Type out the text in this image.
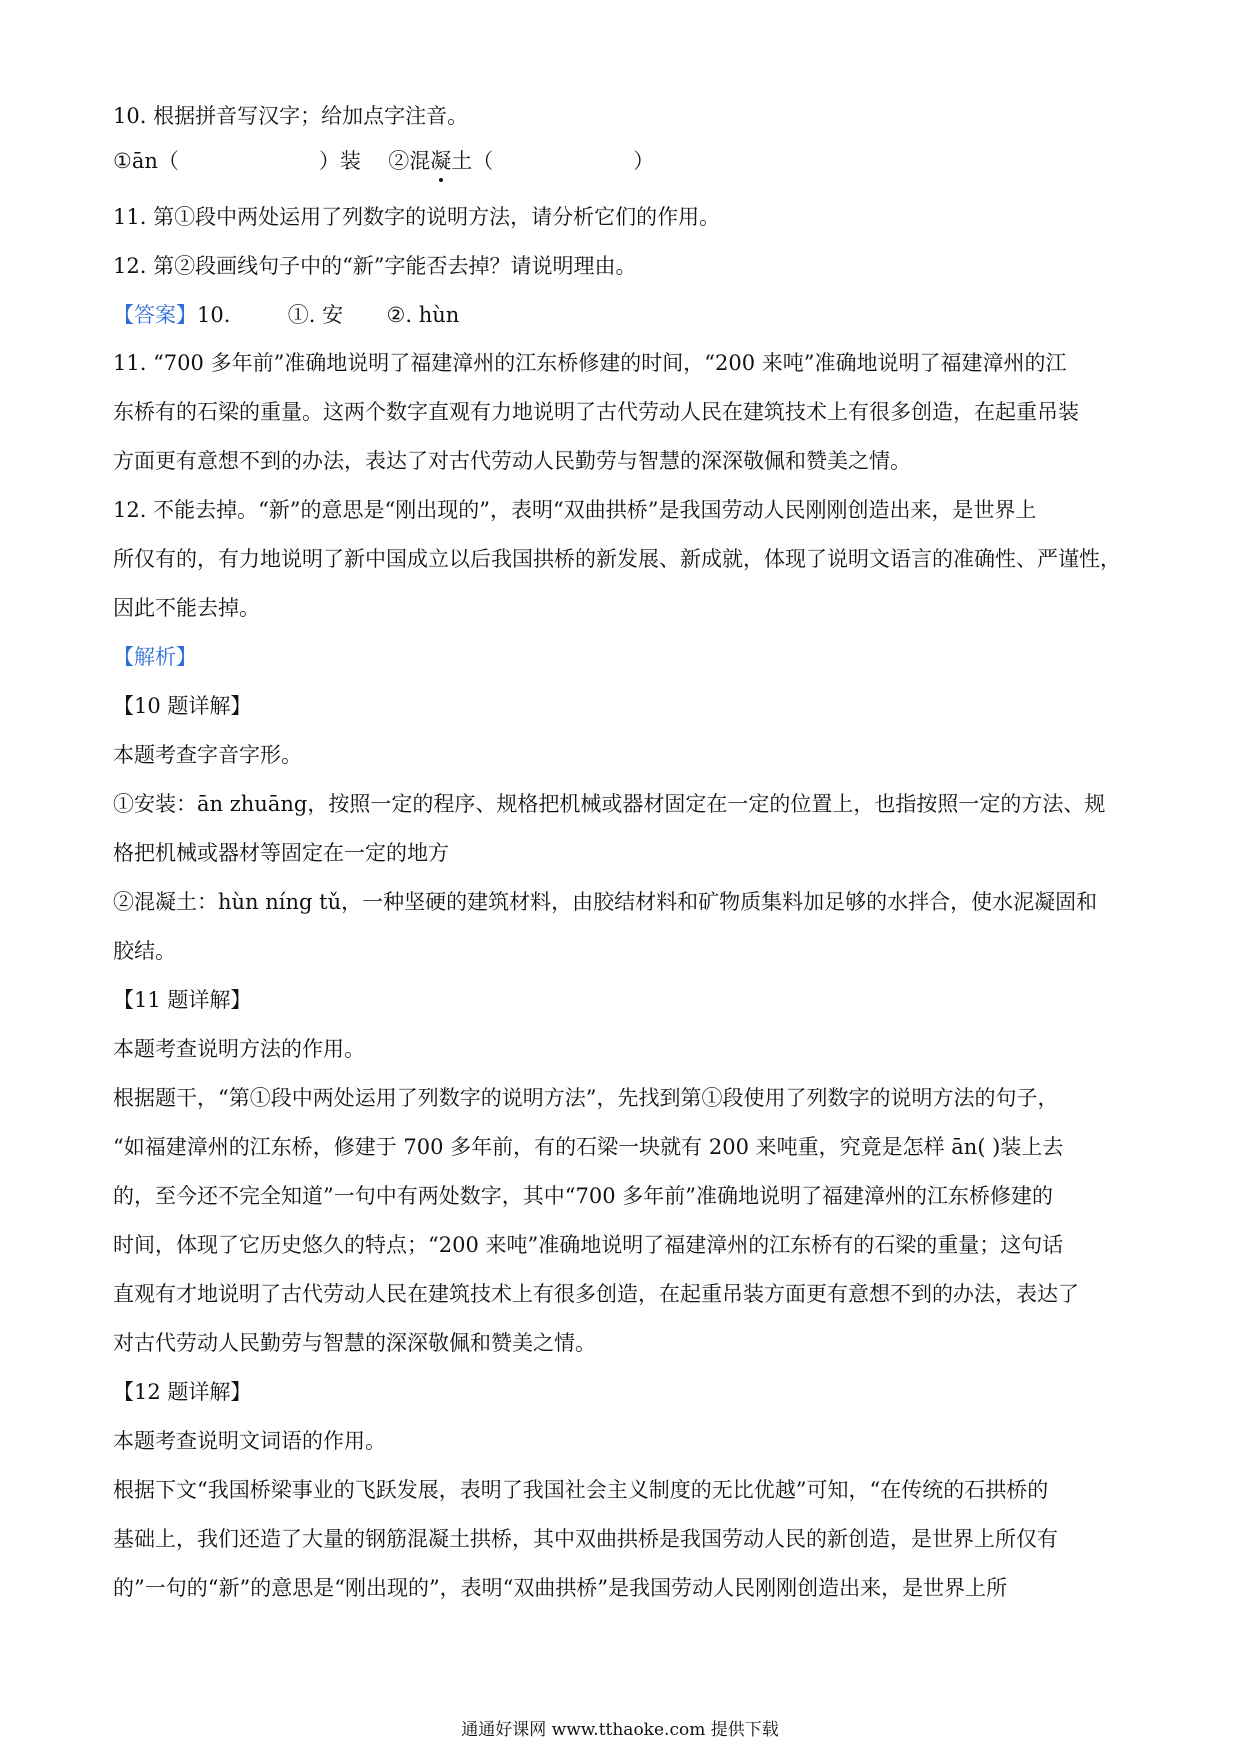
10. 根据拼音写汉字；给加点字注音。
①ān（	）装 ②混凝土（	）
11. 第①段中两处运用了列数字的说明方法，请分析它们的作用。
12. 第②段画线句子中的“新”字能否去掉？请说明理由。
【答案】10.	①. 安 ②. hùn
11. “700 多年前”准确地说明了福建漳州的江东桥修建的时间，“200 来吨”准确地说明了福建漳州的江
东桥有的石梁的重量。这两个数字直观有力地说明了古代劳动人民在建筑技术上有很多创造，在起重吊装
方面更有意想不到的办法，表达了对古代劳动人民勤劳与智慧的深深敬佩和赞美之情。
12. 不能去掉。“新”的意思是“刚出现的”，表明“双曲拱桥”是我国劳动人民刚刚创造出来，是世界上
所仅有的，有力地说明了新中国成立以后我国拱桥的新发展、新成就，体现了说明文语言的准确性、严谨性，
因此不能去掉。
【解析】
【10 题详解】
本题考查字音字形。
①安装：ān zhuāng，按照一定的程序、规格把机械或器材固定在一定的位置上，也指按照一定的方法、规
格把机械或器材等固定在一定的地方
②混凝土：hùn níng tǔ，一种坚硬的建筑材料，由胶结材料和矿物质集料加足够的水拌合，使水泥凝固和
胶结。
【11 题详解】
本题考查说明方法的作用。
根据题干，“第①段中两处运用了列数字的说明方法”，先找到第①段使用了列数字的说明方法的句子，
“如福建漳州的江东桥，修建于 700 多年前，有的石梁一块就有 200 来吨重，究竟是怎样 ān( )装上去
的，至今还不完全知道”一句中有两处数字，其中“700 多年前”准确地说明了福建漳州的江东桥修建的
时间，体现了它历史悠久的特点；“200 来吨”准确地说明了福建漳州的江东桥有的石梁的重量；这句话
直观有才地说明了古代劳动人民在建筑技术上有很多创造，在起重吊装方面更有意想不到的办法，表达了
对古代劳动人民勤劳与智慧的深深敬佩和赞美之情。
【12 题详解】
本题考查说明文词语的作用。
根据下文“我国桥梁事业的飞跃发展，表明了我国社会主义制度的无比优越”可知，“在传统的石拱桥的
基础上，我们还造了大量的钢筋混凝土拱桥，其中双曲拱桥是我国劳动人民的新创造，是世界上所仅有
的”一句的“新”的意思是“刚出现的”，表明“双曲拱桥”是我国劳动人民刚刚创造出来，是世界上所
通通好课网 www.tthaoke.com 提供下载
